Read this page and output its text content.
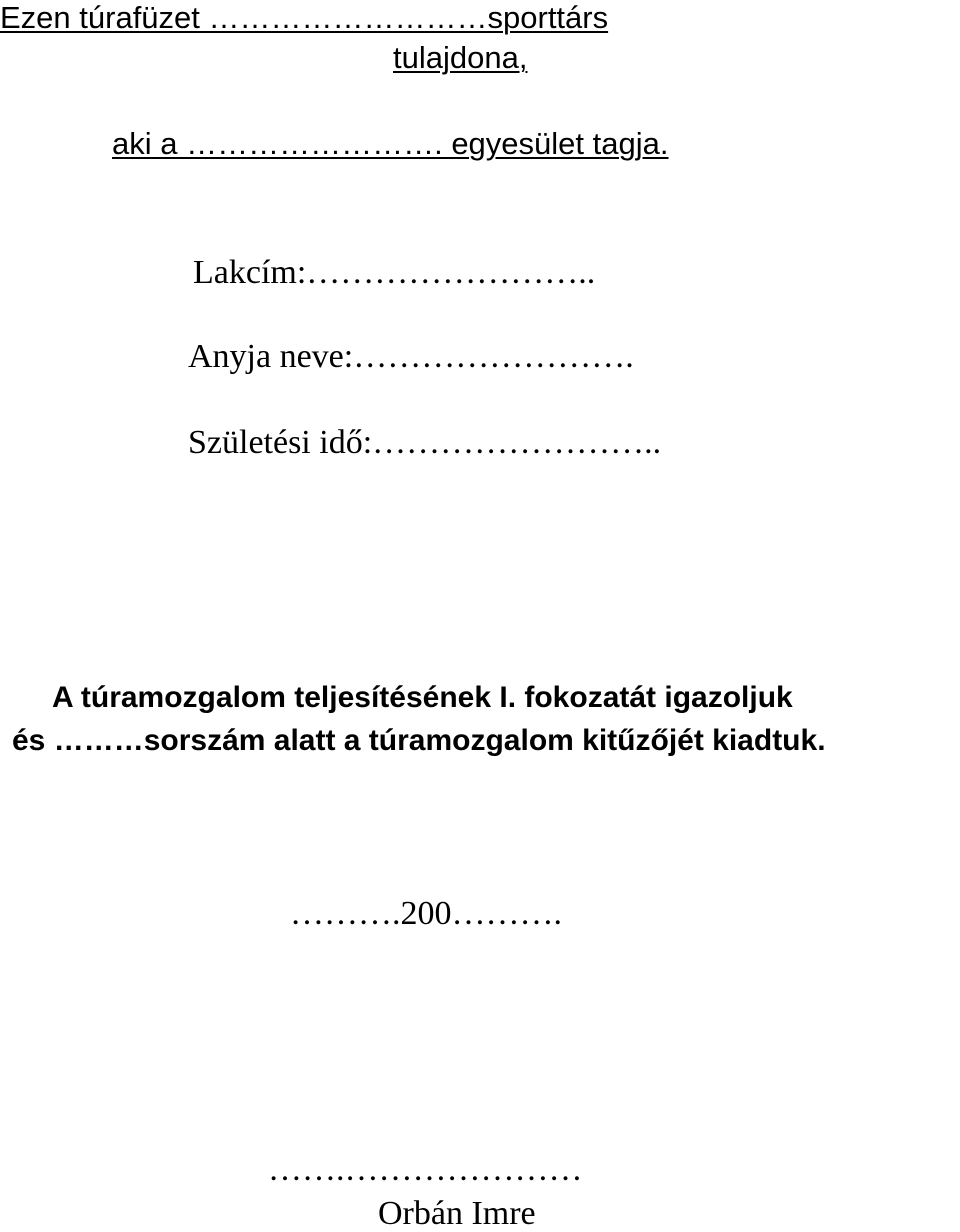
Ezen túrafüzet ………………………sporttárs
tulajdona,
aki a ……………………. egyesület tagja.
Lakcím:……………………..
Anyja neve:…………………….
Születési idő:……………………..
A túramozgalom teljesítésének I. fokozatát igazoljuk
és ………sorszám alatt a túramozgalom kitűzőjét kiadtuk.
……….200……….
…….…………………
Orbán Imre
